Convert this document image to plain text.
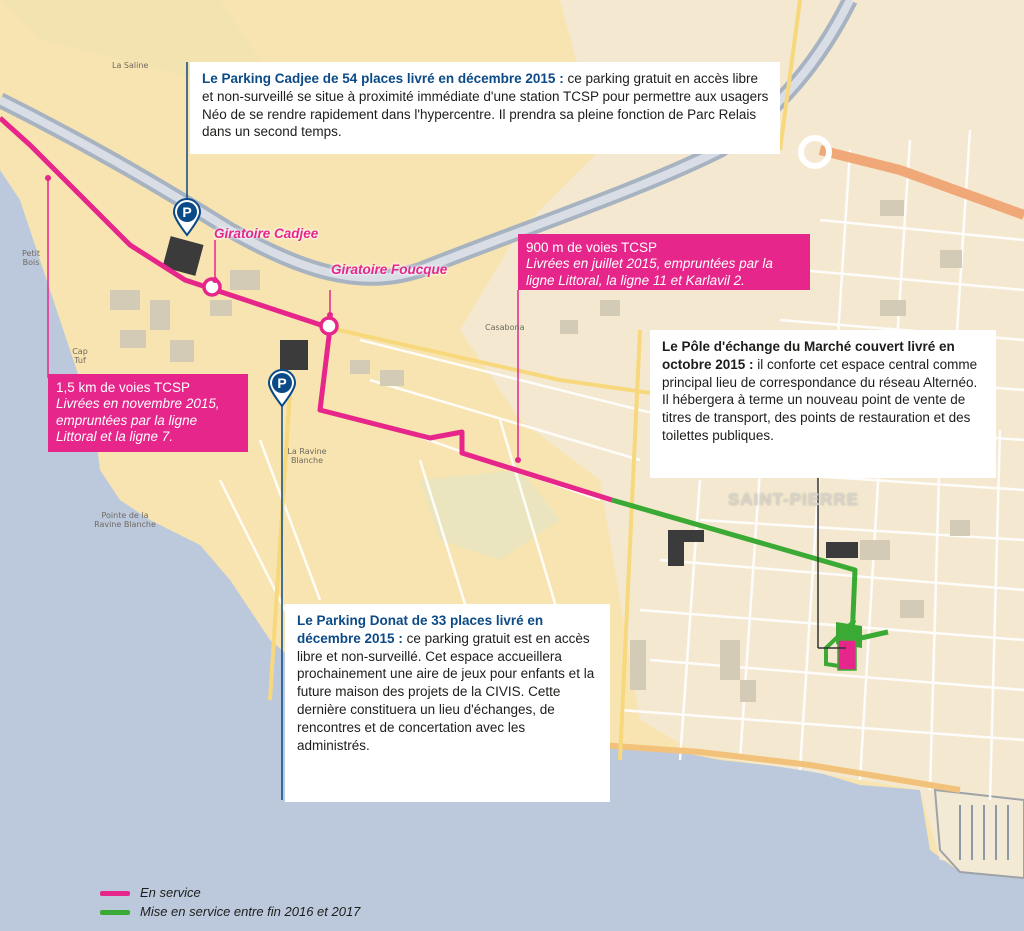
P
P
La Saline
Petit
Bois
Cap
Tuf
La Ravine
Blanche
Pointe de la
Ravine Blanche
Casabona
SAINT-PIERRE
Giratoire Cadjee
Giratoire Foucque
Le Parking Cadjee de 54 places livré en décembre 2015 : ce parking gratuit en accès libre et non-surveillé se situe à proximité immédiate d'une station TCSP pour permettre aux usagers Néo de se rendre rapidement dans l'hypercentre. Il prendra sa pleine fonction de Parc Relais dans un second temps.
900 m de voies TCSP
Livrées en juillet 2015, empruntées par la ligne Littoral, la ligne 11 et Karlavil 2.
1,5 km de voies TCSP
Livrées en novembre 2015, empruntées par la ligne Littoral et la ligne 7.
Le Pôle d'échange du Marché couvert livré en octobre 2015 : il conforte cet espace central comme principal lieu de correspondance du réseau Alternéo. Il hébergera à terme un nouveau point de vente de titres de transport, des points de restauration et des toilettes publiques.
Le Parking Donat de 33 places livré en décembre 2015 : ce parking gratuit est en accès libre et non-surveillé. Cet espace accueillera prochainement une aire de jeux pour enfants et la future maison des projets de la CIVIS. Cette dernière constituera un lieu d'échanges, de rencontres et de concertation avec les administrés.
En service
Mise en service entre fin 2016 et 2017
